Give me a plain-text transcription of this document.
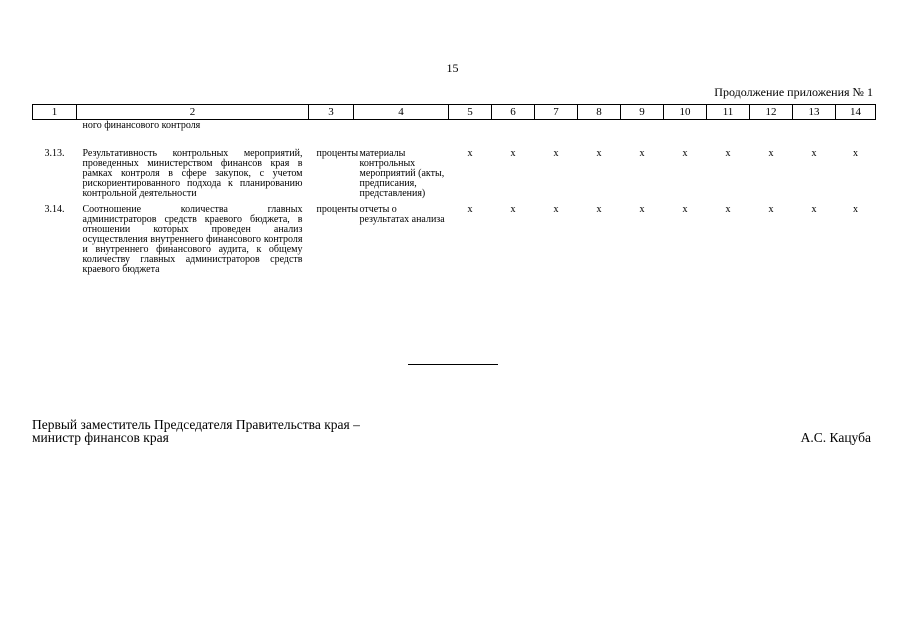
15
Продолжение приложения № 1
1	2	3	4	5	6	7	8	9	10	11	12	13	14
	ного финансового контроля												
3.13.	Результативность контрольных мероприятий, проведенных министерством финансов края в рамках контроля в сфере закупок, с учетом рискориентированного подхода к планированию контрольной деятельности	проценты	материалы контрольных мероприятий (акты, предписания, представления)	х	х	х	х	х	х	х	х	х	х
3.14.	Соотношение количества главных администраторов средств краевого бюджета, в отношении которых проведен анализ осуществления внутреннего финансового контроля и внутреннего финансового аудита, к общему количеству главных администраторов средств краевого бюджета	проценты	отчеты о результатах анализа	х	х	х	х	х	х	х	х	х	х
Первый заместитель Председателя Правительства края –
министр финансов края	А.С. Кацуба
